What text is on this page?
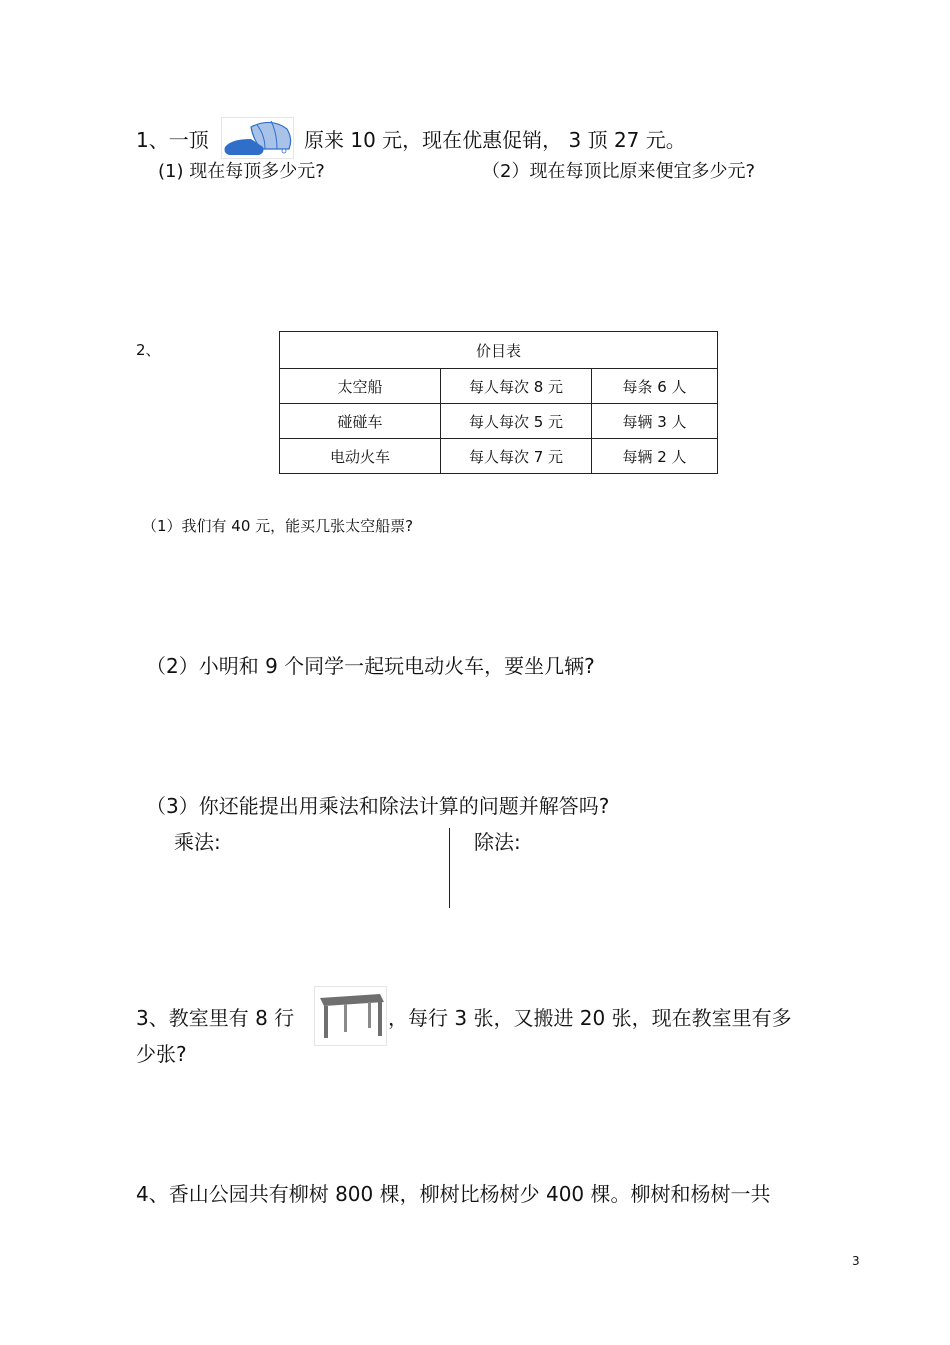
1、一顶	原来 10 元，现在优惠促销， 3 顶 27 元。
(1) 现在每顶多少元?	（2）现在每顶比原来便宜多少元?
2、	价目表		
太空船	每人每次 8 元	每条 6 人
碰碰车	每人每次 5 元	每辆 3 人
电动火车	每人每次 7 元	每辆 2 人
（1）我们有 40 元，能买几张太空船票?
（2）小明和 9 个同学一起玩电动火车，要坐几辆?
（3）你还能提出用乘法和除法计算的问题并解答吗?
乘法:	除法:
3、教室里有 8 行	，每行 3 张，又搬进 20 张，现在教室里有多
少张?
4、香山公园共有柳树 800 棵，柳树比杨树少 400 棵。柳树和杨树一共
3
